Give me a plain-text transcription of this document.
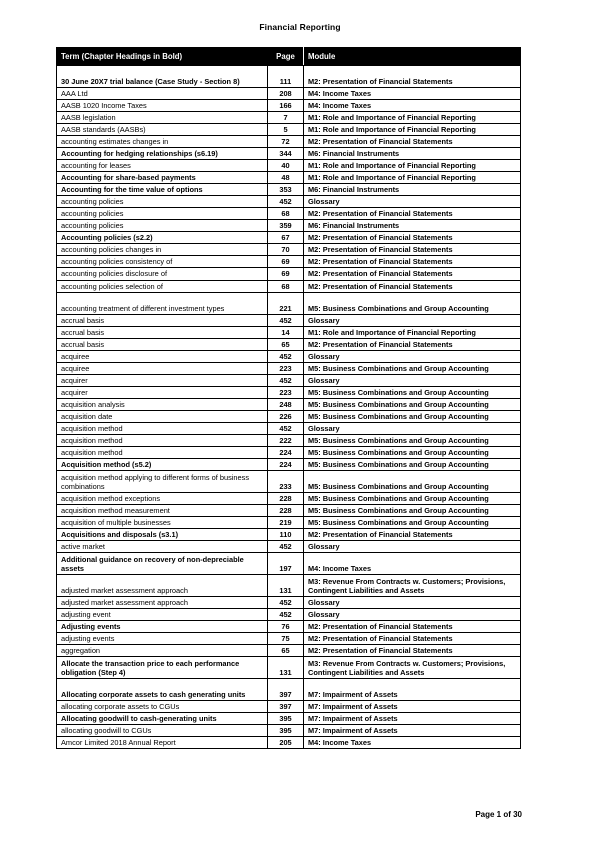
Financial Reporting
Term (Chapter Headings in Bold)	Page	Module
30 June 20X7 trial balance (Case Study - Section 8)	111	M2: Presentation of Financial Statements
AAA Ltd	208	M4: Income Taxes
AASB 1020 Income Taxes	166	M4: Income Taxes
AASB legislation	7	M1: Role and Importance of Financial Reporting
AASB standards (AASBs)	5	M1: Role and Importance of Financial Reporting
accounting estimates changes in	72	M2: Presentation of Financial Statements
Accounting for hedging relationships (s6.19)	344	M6: Financial Instruments
accounting for leases	40	M1: Role and Importance of Financial Reporting
Accounting for share-based payments	48	M1: Role and Importance of Financial Reporting
Accounting for the time value of options	353	M6: Financial Instruments
accounting policies	452	Glossary
accounting policies	68	M2: Presentation of Financial Statements
accounting policies	359	M6: Financial Instruments
Accounting policies (s2.2)	67	M2: Presentation of Financial Statements
accounting policies changes in	70	M2: Presentation of Financial Statements
accounting policies consistency of	69	M2: Presentation of Financial Statements
accounting policies disclosure of	69	M2: Presentation of Financial Statements
accounting policies selection of	68	M2: Presentation of Financial Statements
accounting treatment of different investment types	221	M5: Business Combinations and Group Accounting
accrual basis	452	Glossary
accrual basis	14	M1: Role and Importance of Financial Reporting
accrual basis	65	M2: Presentation of Financial Statements
acquiree	452	Glossary
acquiree	223	M5: Business Combinations and Group Accounting
acquirer	452	Glossary
acquirer	223	M5: Business Combinations and Group Accounting
acquisition analysis	248	M5: Business Combinations and Group Accounting
acquisition date	226	M5: Business Combinations and Group Accounting
acquisition method	452	Glossary
acquisition method	222	M5: Business Combinations and Group Accounting
acquisition method	224	M5: Business Combinations and Group Accounting
Acquisition method (s5.2)	224	M5: Business Combinations and Group Accounting
acquisition method applying to different forms of business combinations	233	M5: Business Combinations and Group Accounting
acquisition method exceptions	228	M5: Business Combinations and Group Accounting
acquisition method measurement	228	M5: Business Combinations and Group Accounting
acquisition of multiple businesses	219	M5: Business Combinations and Group Accounting
Acquisitions and disposals (s3.1)	110	M2: Presentation of Financial Statements
active market	452	Glossary
Additional guidance on recovery of non-depreciable assets	197	M4: Income Taxes
adjusted market assessment approach	131	M3: Revenue From Contracts w. Customers; Provisions, Contingent Liabilities and Assets
adjusted market assessment approach	452	Glossary
adjusting event	452	Glossary
Adjusting events	76	M2: Presentation of Financial Statements
adjusting events	75	M2: Presentation of Financial Statements
aggregation	65	M2: Presentation of Financial Statements
Allocate the transaction price to each performance obligation (Step 4)	131	M3: Revenue From Contracts w. Customers; Provisions, Contingent Liabilities and Assets
Allocating corporate assets to cash generating units	397	M7: Impairment of Assets
allocating corporate assets to CGUs	397	M7: Impairment of Assets
Allocating goodwill to cash-generating units	395	M7: Impairment of Assets
allocating goodwill to CGUs	395	M7: Impairment of Assets
Amcor Limited 2018 Annual Report	205	M4: Income Taxes
Page 1 of 30
